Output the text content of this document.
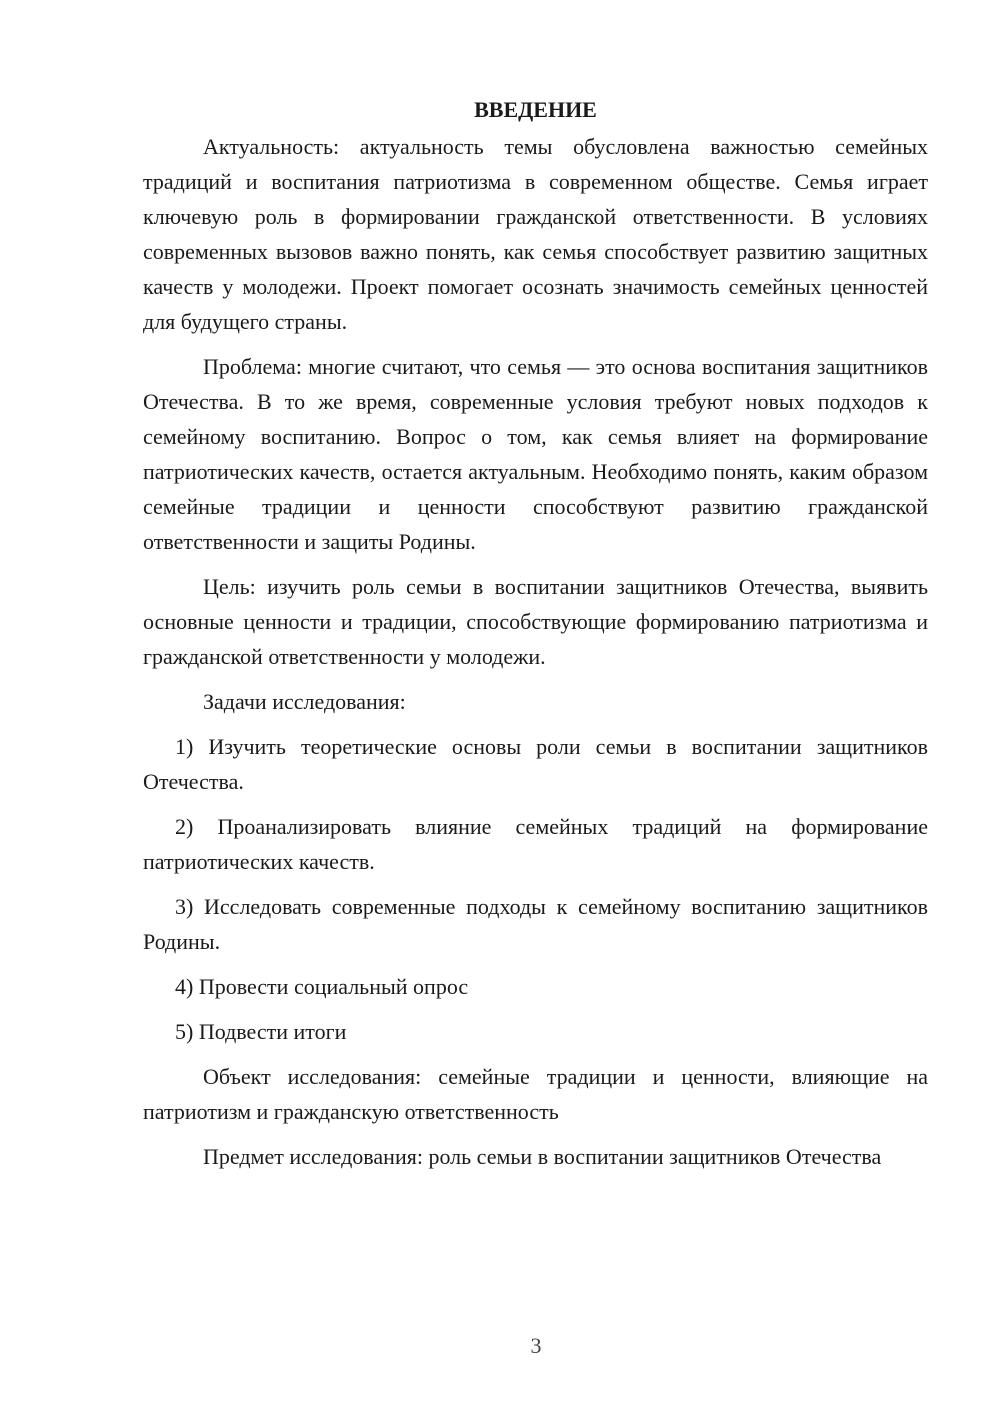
ВВЕДЕНИЕ

Актуальность: актуальность темы обусловлена важностью семейных традиций и воспитания патриотизма в современном обществе. Семья играет ключевую роль в формировании гражданской ответственности. В условиях современных вызовов важно понять, как семья способствует развитию защитных качеств у молодежи. Проект помогает осознать значимость семейных ценностей для будущего страны.

Проблема: многие считают, что семья — это основа воспитания защитников Отечества. В то же время, современные условия требуют новых подходов к семейному воспитанию. Вопрос о том, как семья влияет на формирование патриотических качеств, остается актуальным. Необходимо понять, каким образом семейные традиции и ценности способствуют развитию гражданской ответственности и защиты Родины.

Цель: изучить роль семьи в воспитании защитников Отечества, выявить основные ценности и традиции, способствующие формированию патриотизма и гражданской ответственности у молодежи.

Задачи исследования:

1) Изучить теоретические основы роли семьи в воспитании защитников Отечества.

2) Проанализировать влияние семейных традиций на формирование патриотических качеств.

3) Исследовать современные подходы к семейному воспитанию защитников Родины.

4) Провести социальный опрос

5) Подвести итоги

Объект исследования: семейные традиции и ценности, влияющие на патриотизм и гражданскую ответственность

Предмет исследования: роль семьи в воспитании защитников Отечества

3
